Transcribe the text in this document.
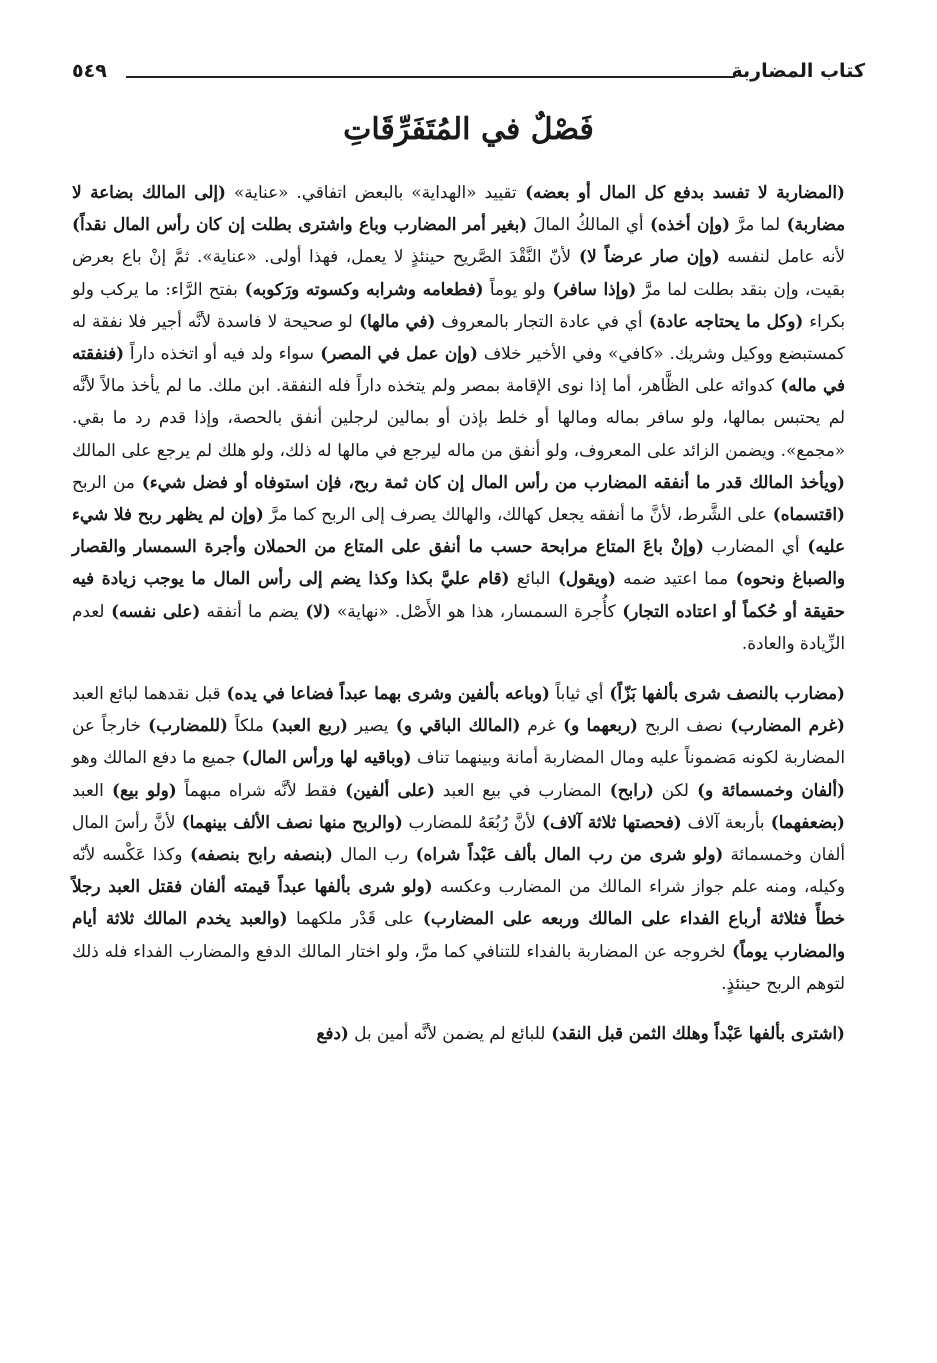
كتاب المضاربة
٥٤٩
فَصْلٌ في المُتَفَرِّقَاتِ

(المضاربة لا تفسد بدفع كل المال أو بعضه) تقييد «الهداية» بالبعض اتفاقي. «عناية» (إلى المالك بضاعة لا مضاربة) لما مرَّ (وإن أخذه) أي المالكُ المالَ (بغير أمر المضارب وباع واشترى بطلت إن كان رأس المال نقداً) لأنه عامل لنفسه (وإن صار عرضاً لا) لأنّ النَّقْدَ الصَّريح حينئذٍ لا يعمل، فهذا أولى. «عناية». ثمَّ إنْ باع بعرض بقيت، وإن بنقد بطلت لما مرَّ (وإذا سافر) ولو يوماً (فطعامه وشرابه وكسوته ورَكوبه) بفتح الرَّاء: ما يركب ولو بكراء (وكل ما يحتاجه عادة) أي في عادة التجار بالمعروف (في مالها) لو صحيحة لا فاسدة لأنَّه أجير فلا نفقة له كمستبضع ووكيل وشريك. «كافي» وفي الأخير خلاف (وإن عمل في المصر) سواء ولد فيه أو اتخذه داراً (فنفقته في ماله) كدوائه على الظَّاهر، أما إذا نوى الإقامة بمصر ولم يتخذه داراً فله النفقة. ابن ملك. ما لم يأخذ مالاً لأنَّه لم يحتبس بمالها، ولو سافر بماله ومالها أو خلط بإذن أو بمالين لرجلين أنفق بالحصة، وإذا قدم رد ما بقي. «مجمع». ويضمن الزائد على المعروف، ولو أنفق من ماله ليرجع في مالها له ذلك، ولو هلك لم يرجع على المالك (ويأخذ المالك قدر ما أنفقه المضارب من رأس المال إن كان ثمة ربح، فإن استوفاه أو فضل شيء) من الربح (اقتسماه) على الشَّرط، لأنَّ ما أنفقه يجعل كهالك، والهالك يصرف إلى الربح كما مرَّ (وإن لم يظهر ربح فلا شيء عليه) أي المضارب (وإنْ باعَ المتاع مرابحة حسب ما أنفق على المتاع من الحملان وأجرة السمسار والقصار والصباغ ونحوه) مما اعتيد ضمه (ويقول) البائع (قام عليَّ بكذا وكذا يضم إلى رأس المال ما يوجب زيادة فيه حقيقة أو حُكماً أو اعتاده التجار) كأُجرة السمسار، هذا هو الأَصْل. «نهاية» (لا) يضم ما أنفقه (على نفسه) لعدم الزِّيادة والعادة.

(مضارب بالنصف شرى بألفها بَزّاً) أي ثياباً (وباعه بألفين وشرى بهما عبداً فضاعا في يده) قبل نقدهما لبائع العبد (غرم المضارب) نصف الربح (ربعهما و) غرم (المالك الباقي و) يصير (ربع العبد) ملكاً (للمضارب) خارجاً عن المضاربة لكونه مَضموناً عليه ومال المضاربة أمانة وبينهما تناف (وباقيه لها ورأس المال) جميع ما دفع المالك وهو (ألفان وخمسمائة و) لكن (رابح) المضارب في بيع العبد (على ألفين) فقط لأنَّه شراه مبهماً (ولو بيع) العبد (بضعفهما) بأربعة آلاف (فحصتها ثلاثة آلاف) لأنَّ رُبُعَهُ للمضارب (والربح منها نصف الألف بينهما) لأنَّ رأسَ المال ألفان وخمسمائة (ولو شرى من رب المال بألف عَبْداً شراه) رب المال (بنصفه رابح بنصفه) وكذا عَكْسه لأنّه وكيله، ومنه علم جواز شراء المالك من المضارب وعكسه (ولو شرى بألفها عبداً قيمته ألفان فقتل العبد رجلاً خطأً فثلاثة أرباع الفداء على المالك وربعه على المضارب) على قَدْر ملكهما (والعبد يخدم المالك ثلاثة أيام والمضارب يوماً) لخروجه عن المضاربة بالفداء للتنافي كما مرَّ، ولو اختار المالك الدفع والمضارب الفداء فله ذلك لتوهم الربح حينئذٍ.

(اشترى بألفها عَبْداً وهلك الثمن قبل النقد) للبائع لم يضمن لأنَّه أمين بل (دفع
